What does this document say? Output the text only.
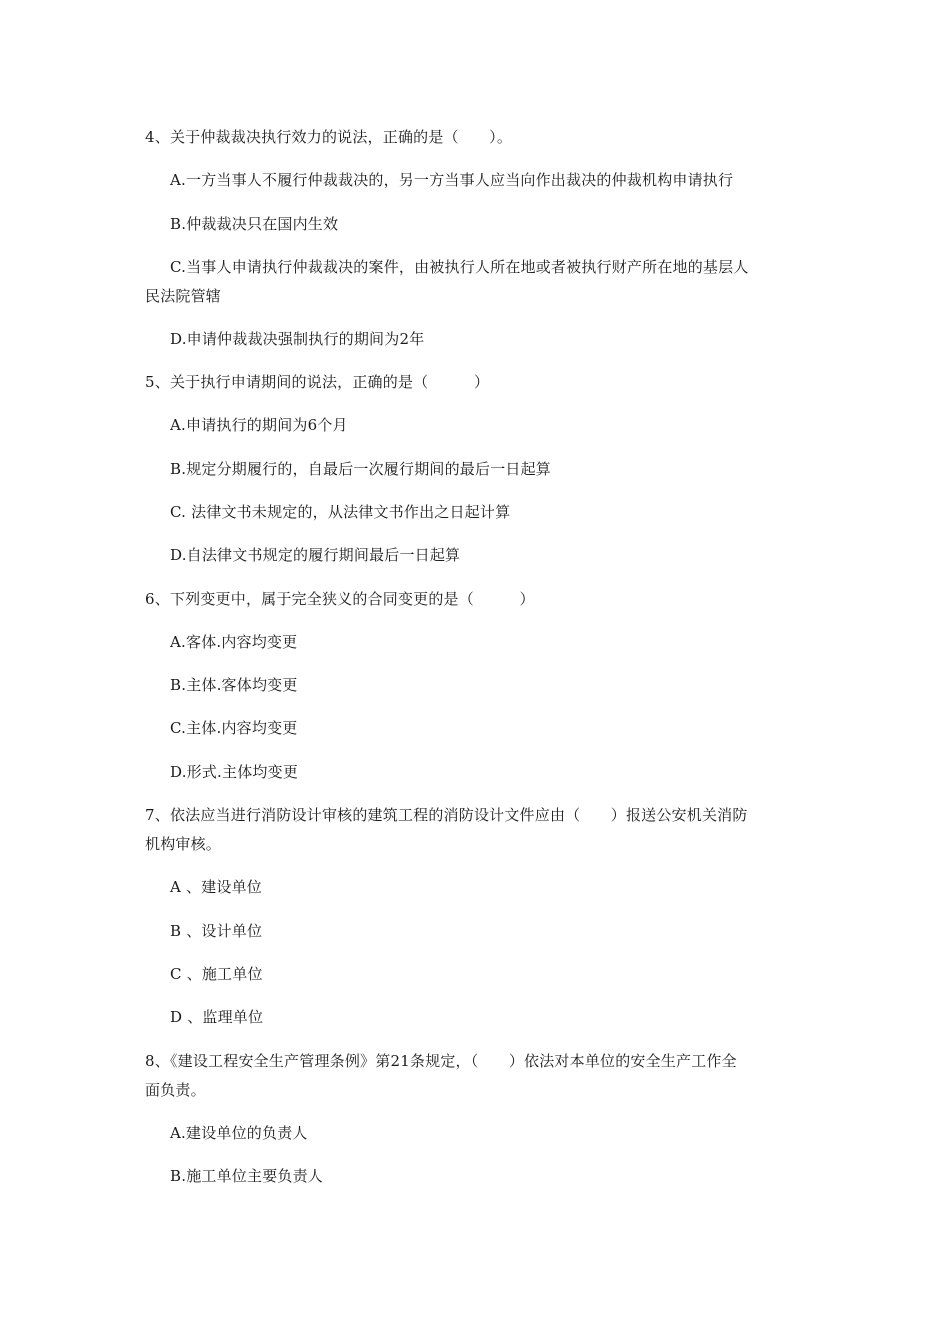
4、关于仲裁裁决执行效力的说法，正确的是（　　）。
A.一方当事人不履行仲裁裁决的，另一方当事人应当向作出裁决的仲裁机构申请执行
B.仲裁裁决只在国内生效
C.当事人申请执行仲裁裁决的案件，由被执行人所在地或者被执行财产所在地的基层人
民法院管辖
D.申请仲裁裁决强制执行的期间为2年
5、关于执行申请期间的说法，正确的是（　　　）
A.申请执行的期间为6个月
B.规定分期履行的，自最后一次履行期间的最后一日起算
C. 法律文书未规定的，从法律文书作出之日起计算
D.自法律文书规定的履行期间最后一日起算
6、下列变更中，属于完全狭义的合同变更的是（　　　）
A.客体.内容均变更
B.主体.客体均变更
C.主体.内容均变更
D.形式.主体均变更
7、依法应当进行消防设计审核的建筑工程的消防设计文件应由（　　）报送公安机关消防
机构审核。
A 、建设单位
B 、设计单位
C 、施工单位
D 、监理单位
8、《建设工程安全生产管理条例》第21条规定，（　　）依法对本单位的安全生产工作全
面负责。
A.建设单位的负责人
B.施工单位主要负责人
